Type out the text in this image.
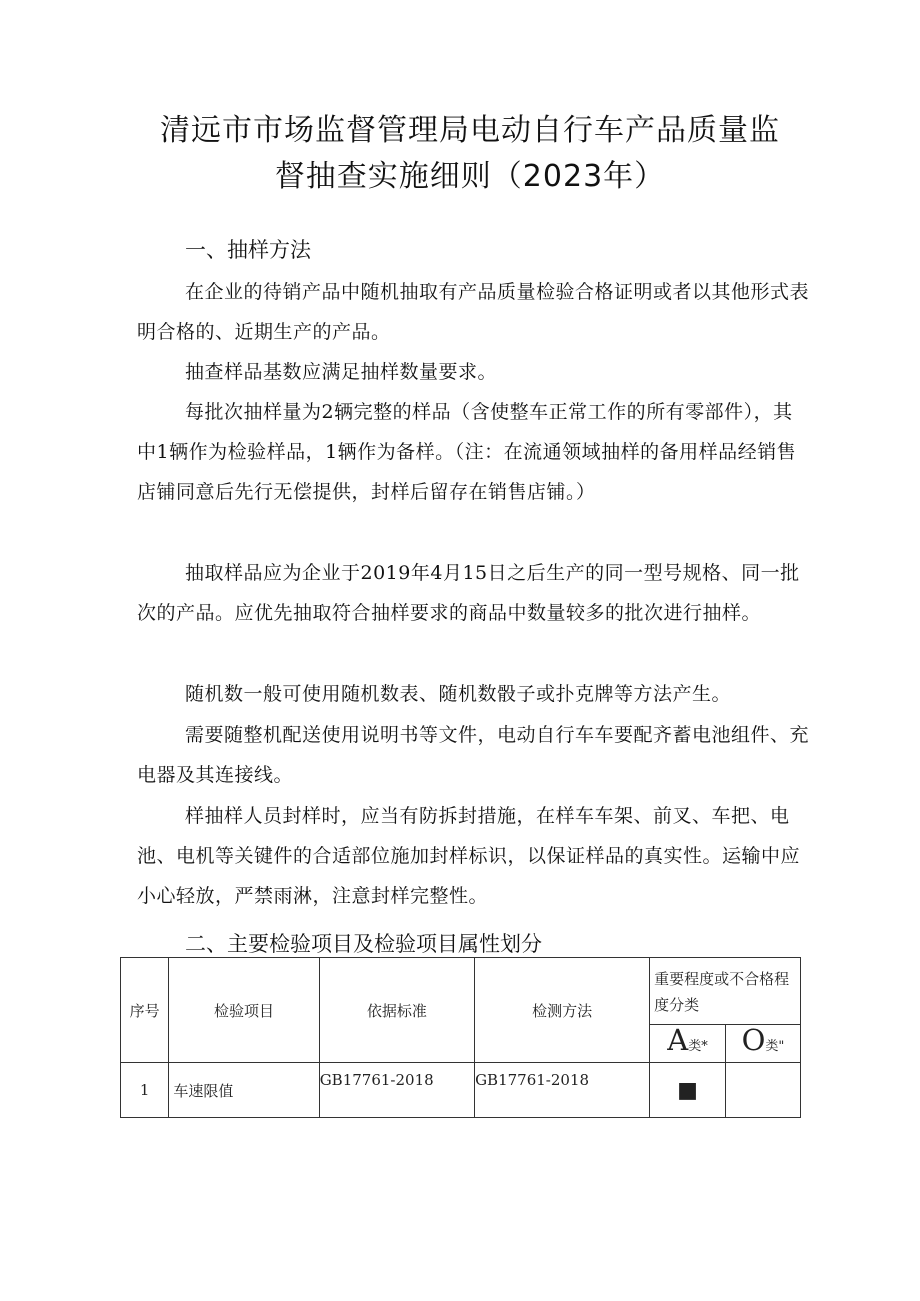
清远市市场监督管理局电动自行车产品质量监
督抽查实施细则（2023年）
一、抽样方法
在企业的待销产品中随机抽取有产品质量检验合格证明或者以其他形式表明合格的、近期生产的产品。
抽查样品基数应满足抽样数量要求。
每批次抽样量为2辆完整的样品（含使整车正常工作的所有零部件），其中1辆作为检验样品，1辆作为备样。（注：在流通领域抽样的备用样品经销售店铺同意后先行无偿提供，封样后留存在销售店铺。）
抽取样品应为企业于2019年4月15日之后生产的同一型号规格、同一批次的产品。应优先抽取符合抽样要求的商品中数量较多的批次进行抽样。
随机数一般可使用随机数表、随机数骰子或扑克牌等方法产生。
需要随整机配送使用说明书等文件，电动自行车车要配齐蓄电池组件、充电器及其连接线。
样抽样人员封样时，应当有防拆封措施，在样车车架、前叉、车把、电池、电机等关键件的合适部位施加封样标识，以保证样品的真实性。运输中应小心轻放，严禁雨淋，注意封样完整性。
二、主要检验项目及检验项目属性划分
序号	检验项目	依据标准	检测方法	重要程度或不合格程度分类	
				A类*	O类"
1	车速限值	GB17761-2018	GB17761-2018	■	
